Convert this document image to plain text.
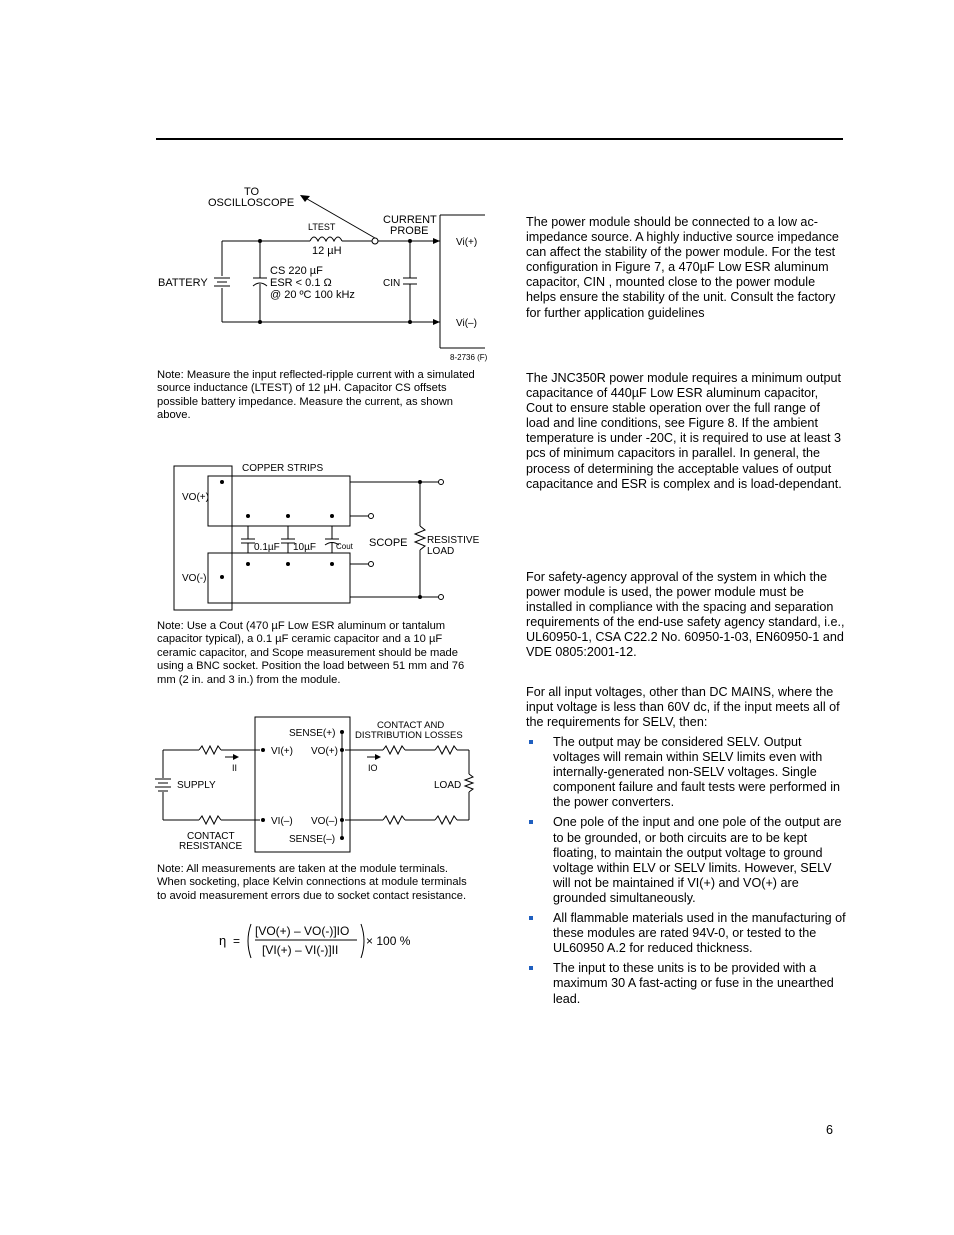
TO
OSCILLOSCOPE
CURRENT
PROBE
LTEST
12 µH
BATTERY
CS 220 µF
ESR < 0.1 Ω
@ 20 ºC 100 kHz
CIN
Vi(+)
Vi(–)
8-2736 (F)
Note: Measure the input reflected-ripple current with a simulated source inductance (LTEST) of 12 µH. Capacitor CS offsets possible battery impedance. Measure the current, as shown above.
COPPER STRIPS
VO(+)
VO(-)
0.1µF 10µF	Cout SCOPE RESISTIVE
LOAD
Note: Use a Cout (470 µF Low ESR aluminum or tantalum capacitor typical), a 0.1 µF ceramic capacitor and a 10 µF ceramic capacitor, and Scope measurement should be made using a BNC socket. Position the load between 51 mm and 76 mm (2 in. and 3 in.) from the module.
CONTACT AND
DISTRIBUTION LOSSES
SENSE(+)
SENSE(–)
VI(+) VO(+)
VI(–) VO(–)
II	IO
SUPPLY	LOAD
CONTACT
RESISTANCE
Note: All measurements are taken at the module terminals. When socketing, place Kelvin connections at module terminals to avoid measurement errors due to socket contact resistance.
η =
[VO(+) – VO(-)]IO
[VI(+) – VI(-)]II
× 100 %
The power module should be connected to a low ac-impedance source. A highly inductive source impedance can affect the stability of the power module. For the test configuration in Figure 7, a 470µF Low ESR aluminum capacitor, CIN , mounted close to the power module helps ensure the stability of the unit. Consult the factory for further application guidelines
The JNC350R power module requires a minimum output capacitance of 440µF Low ESR aluminum capacitor, Cout to ensure stable operation over the full range of load and line conditions, see Figure 8. If the ambient temperature is under -20C, it is required to use at least 3 pcs of minimum capacitors in parallel. In general, the process of determining the acceptable values of output capacitance and ESR is complex and is load-dependant.
For safety-agency approval of the system in which the power module is used, the power module must be installed in compliance with the spacing and separation requirements of the end-use safety agency standard, i.e., UL60950-1, CSA C22.2 No. 60950-1-03, EN60950-1 and VDE 0805:2001-12.
For all input voltages, other than DC MAINS, where the input voltage is less than 60V dc, if the input meets all of the requirements for SELV, then:
The output may be considered SELV. Output voltages will remain within SELV limits even with internally-generated non-SELV voltages. Single component failure and fault tests were performed in the power converters.
One pole of the input and one pole of the output are to be grounded, or both circuits are to be kept floating, to maintain the output voltage to ground voltage within ELV or SELV limits. However, SELV will not be maintained if VI(+) and VO(+) are grounded simultaneously.
All flammable materials used in the manufacturing of these modules are rated 94V-0, or tested to the UL60950 A.2 for reduced thickness.
The input to these units is to be provided with a maximum 30 A fast-acting or fuse in the unearthed lead.
6
